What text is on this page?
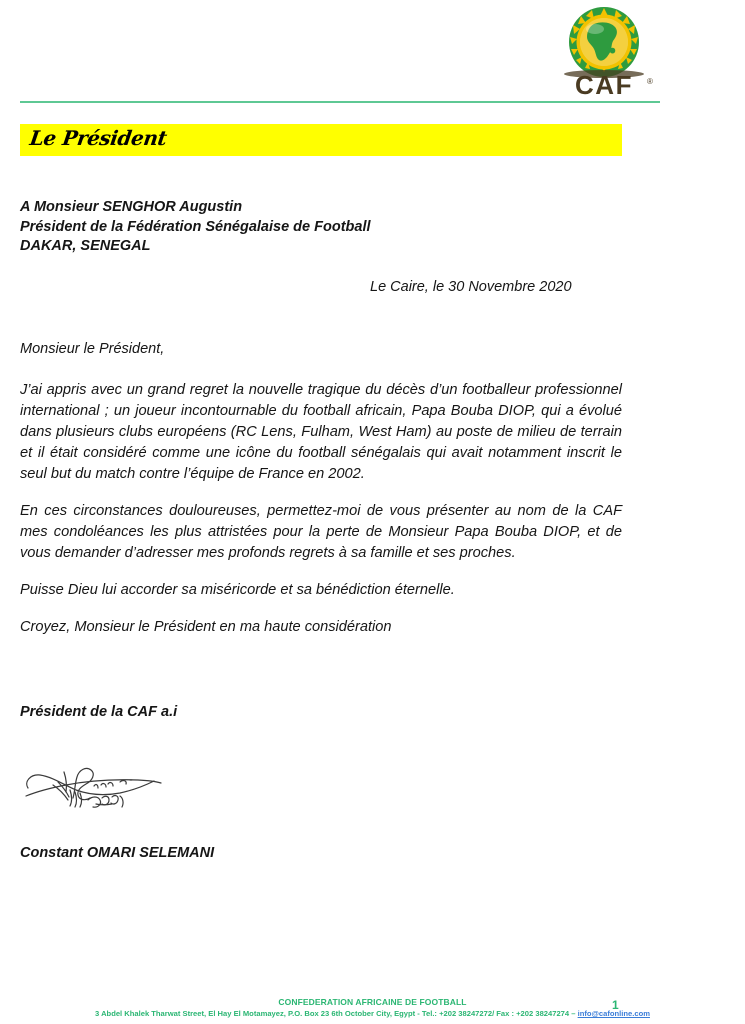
CAF ®
Le Président
A Monsieur SENGHOR Augustin
Président de la Fédération Sénégalaise de Football
DAKAR, SENEGAL
Le Caire, le 30 Novembre 2020
Monsieur le Président,

J’ai appris avec un grand regret la nouvelle tragique du décès d’un footballeur professionnel international ; un joueur incontournable du football africain, Papa Bouba DIOP, qui a évolué dans plusieurs clubs européens (RC Lens, Fulham, West Ham) au poste de milieu de terrain et il était considéré comme une icône du football sénégalais qui avait notamment inscrit le seul but du match contre l’équipe de France en 2002.

En ces circonstances douloureuses, permettez-moi de vous présenter au nom de la CAF mes condoléances les plus attristées pour la perte de Monsieur Papa Bouba DIOP, et de vous demander d’adresser mes profonds regrets à sa famille et ses proches.

Puisse Dieu lui accorder sa miséricorde et sa bénédiction éternelle.

Croyez, Monsieur le Président en ma haute considération

Président de la CAF a.i
Constant OMARI SELEMANI
CONFEDERATION AFRICAINE DE FOOTBALL
3 Abdel Khalek Tharwat Street, El Hay El Motamayez, P.O. Box 23 6th October City, Egypt - Tel.: +202 38247272/ Fax : +202 38247274 – info@cafonline.com
1
